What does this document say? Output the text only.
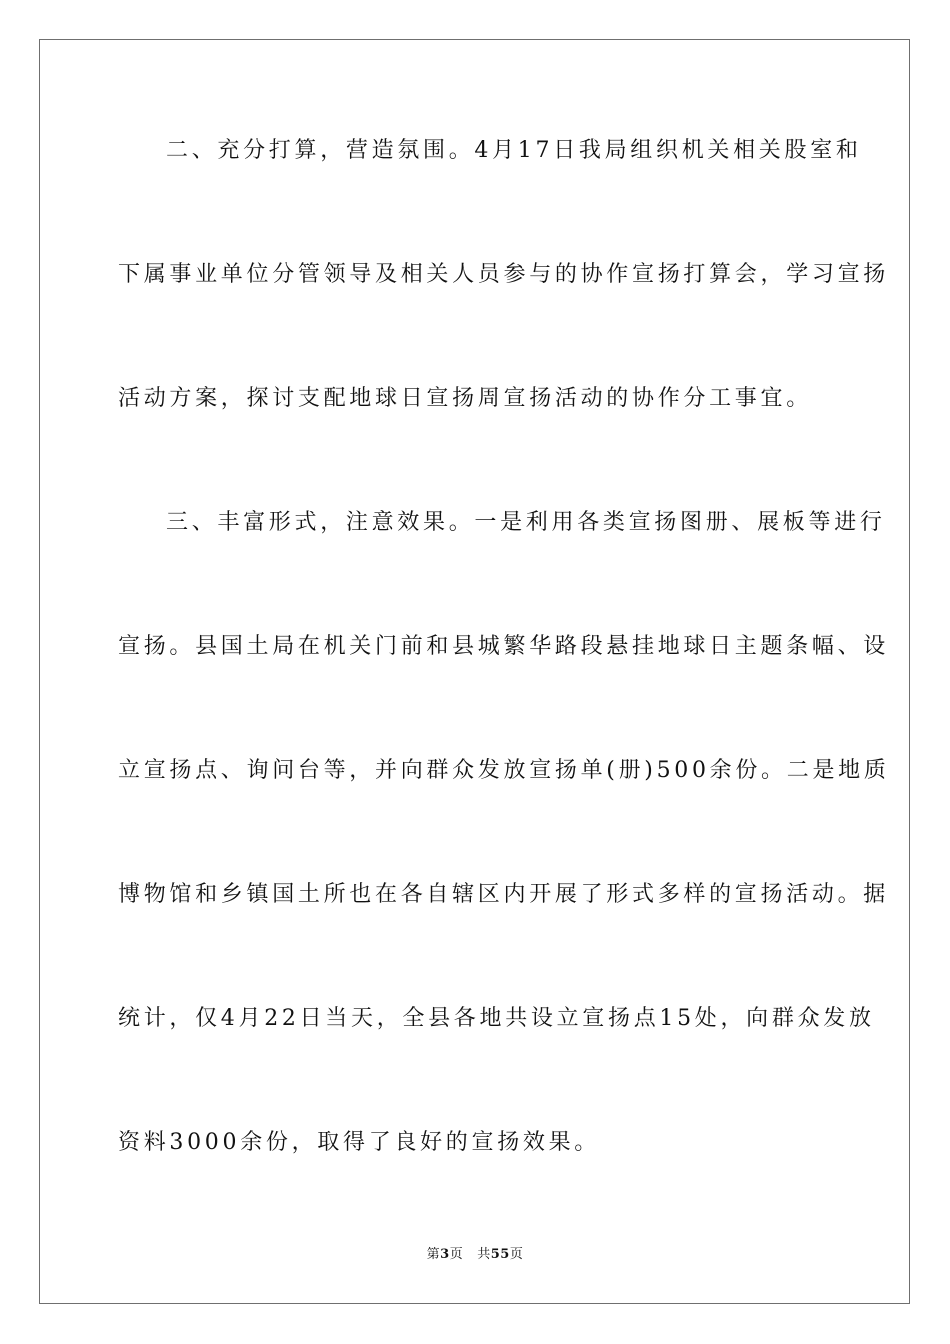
二、充分打算，营造氛围。4月17日我局组织机关相关股室和
下属事业单位分管领导及相关人员参与的协作宣扬打算会，学习宣扬
活动方案，探讨支配地球日宣扬周宣扬活动的协作分工事宜。
三、丰富形式，注意效果。一是利用各类宣扬图册、展板等进行
宣扬。县国土局在机关门前和县城繁华路段悬挂地球日主题条幅、设
立宣扬点、询问台等，并向群众发放宣扬单(册)500余份。二是地质
博物馆和乡镇国土所也在各自辖区内开展了形式多样的宣扬活动。据
统计，仅4月22日当天，全县各地共设立宣扬点15处，向群众发放
资料3000余份，取得了良好的宣扬效果。
第3页 共55页
